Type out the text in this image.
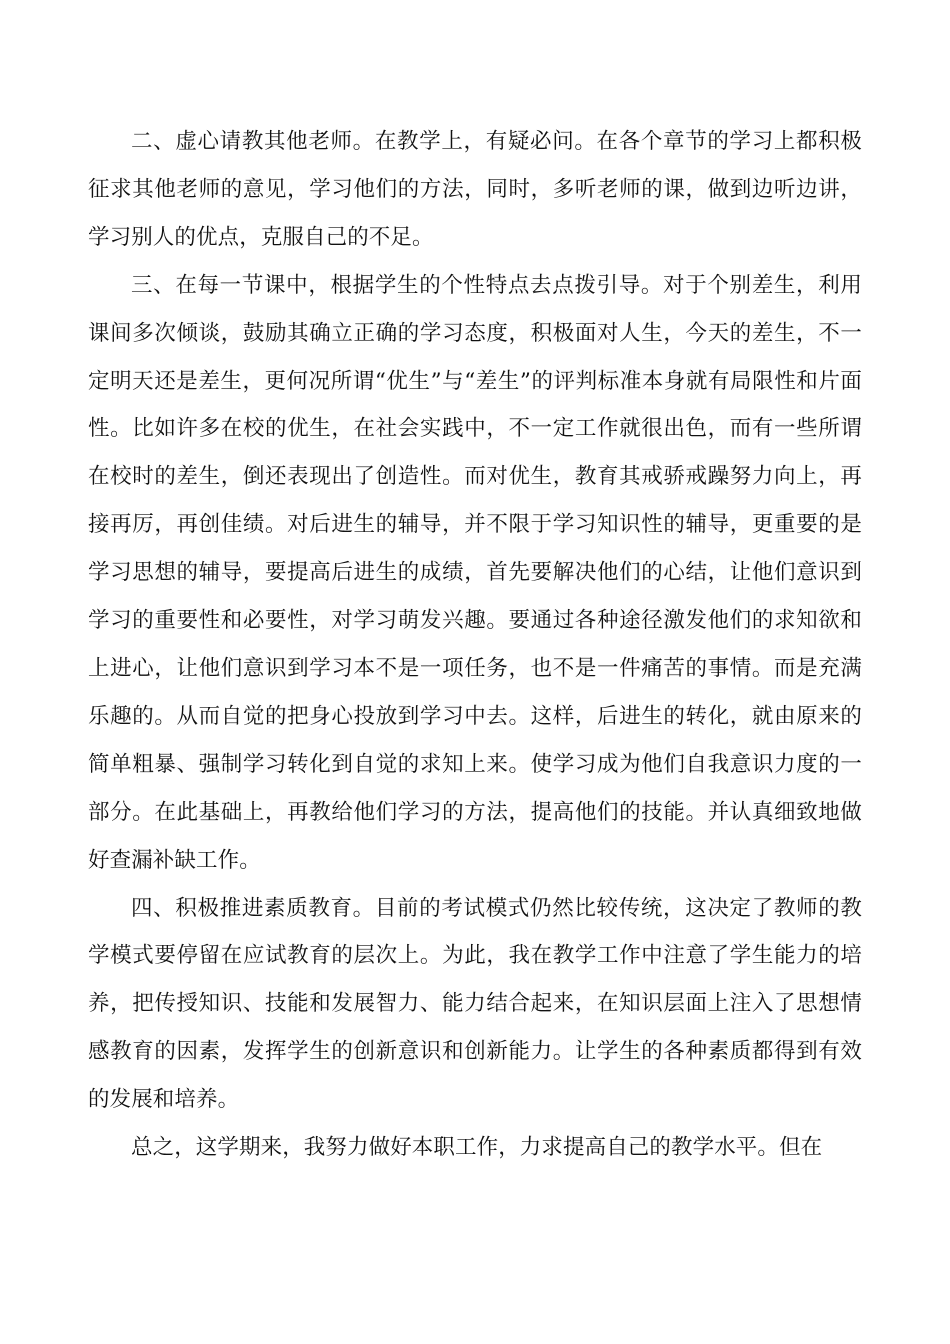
二、虚心请教其他老师。在教学上，有疑必问。在各个章节的学习上都积极征求其他老师的意见，学习他们的方法，同时，多听老师的课，做到边听边讲，学习别人的优点，克服自己的不足。

三、在每一节课中，根据学生的个性特点去点拨引导。对于个别差生，利用课间多次倾谈，鼓励其确立正确的学习态度，积极面对人生，今天的差生，不一定明天还是差生，更何况所谓“优生”与“差生”的评判标准本身就有局限性和片面性。比如许多在校的优生，在社会实践中，不一定工作就很出色，而有一些所谓在校时的差生，倒还表现出了创造性。而对优生，教育其戒骄戒躁努力向上，再接再厉，再创佳绩。对后进生的辅导，并不限于学习知识性的辅导，更重要的是学习思想的辅导，要提高后进生的成绩，首先要解决他们的心结，让他们意识到学习的重要性和必要性，对学习萌发兴趣。要通过各种途径激发他们的求知欲和上进心，让他们意识到学习本不是一项任务，也不是一件痛苦的事情。而是充满乐趣的。从而自觉的把身心投放到学习中去。这样，后进生的转化，就由原来的简单粗暴、强制学习转化到自觉的求知上来。使学习成为他们自我意识力度的一部分。在此基础上，再教给他们学习的方法，提高他们的技能。并认真细致地做好查漏补缺工作。

四、积极推进素质教育。目前的考试模式仍然比较传统，这决定了教师的教学模式要停留在应试教育的层次上。为此，我在教学工作中注意了学生能力的培养，把传授知识、技能和发展智力、能力结合起来，在知识层面上注入了思想情感教育的因素，发挥学生的创新意识和创新能力。让学生的各种素质都得到有效的发展和培养。

总之，这学期来，我努力做好本职工作，力求提高自己的教学水平。但在
